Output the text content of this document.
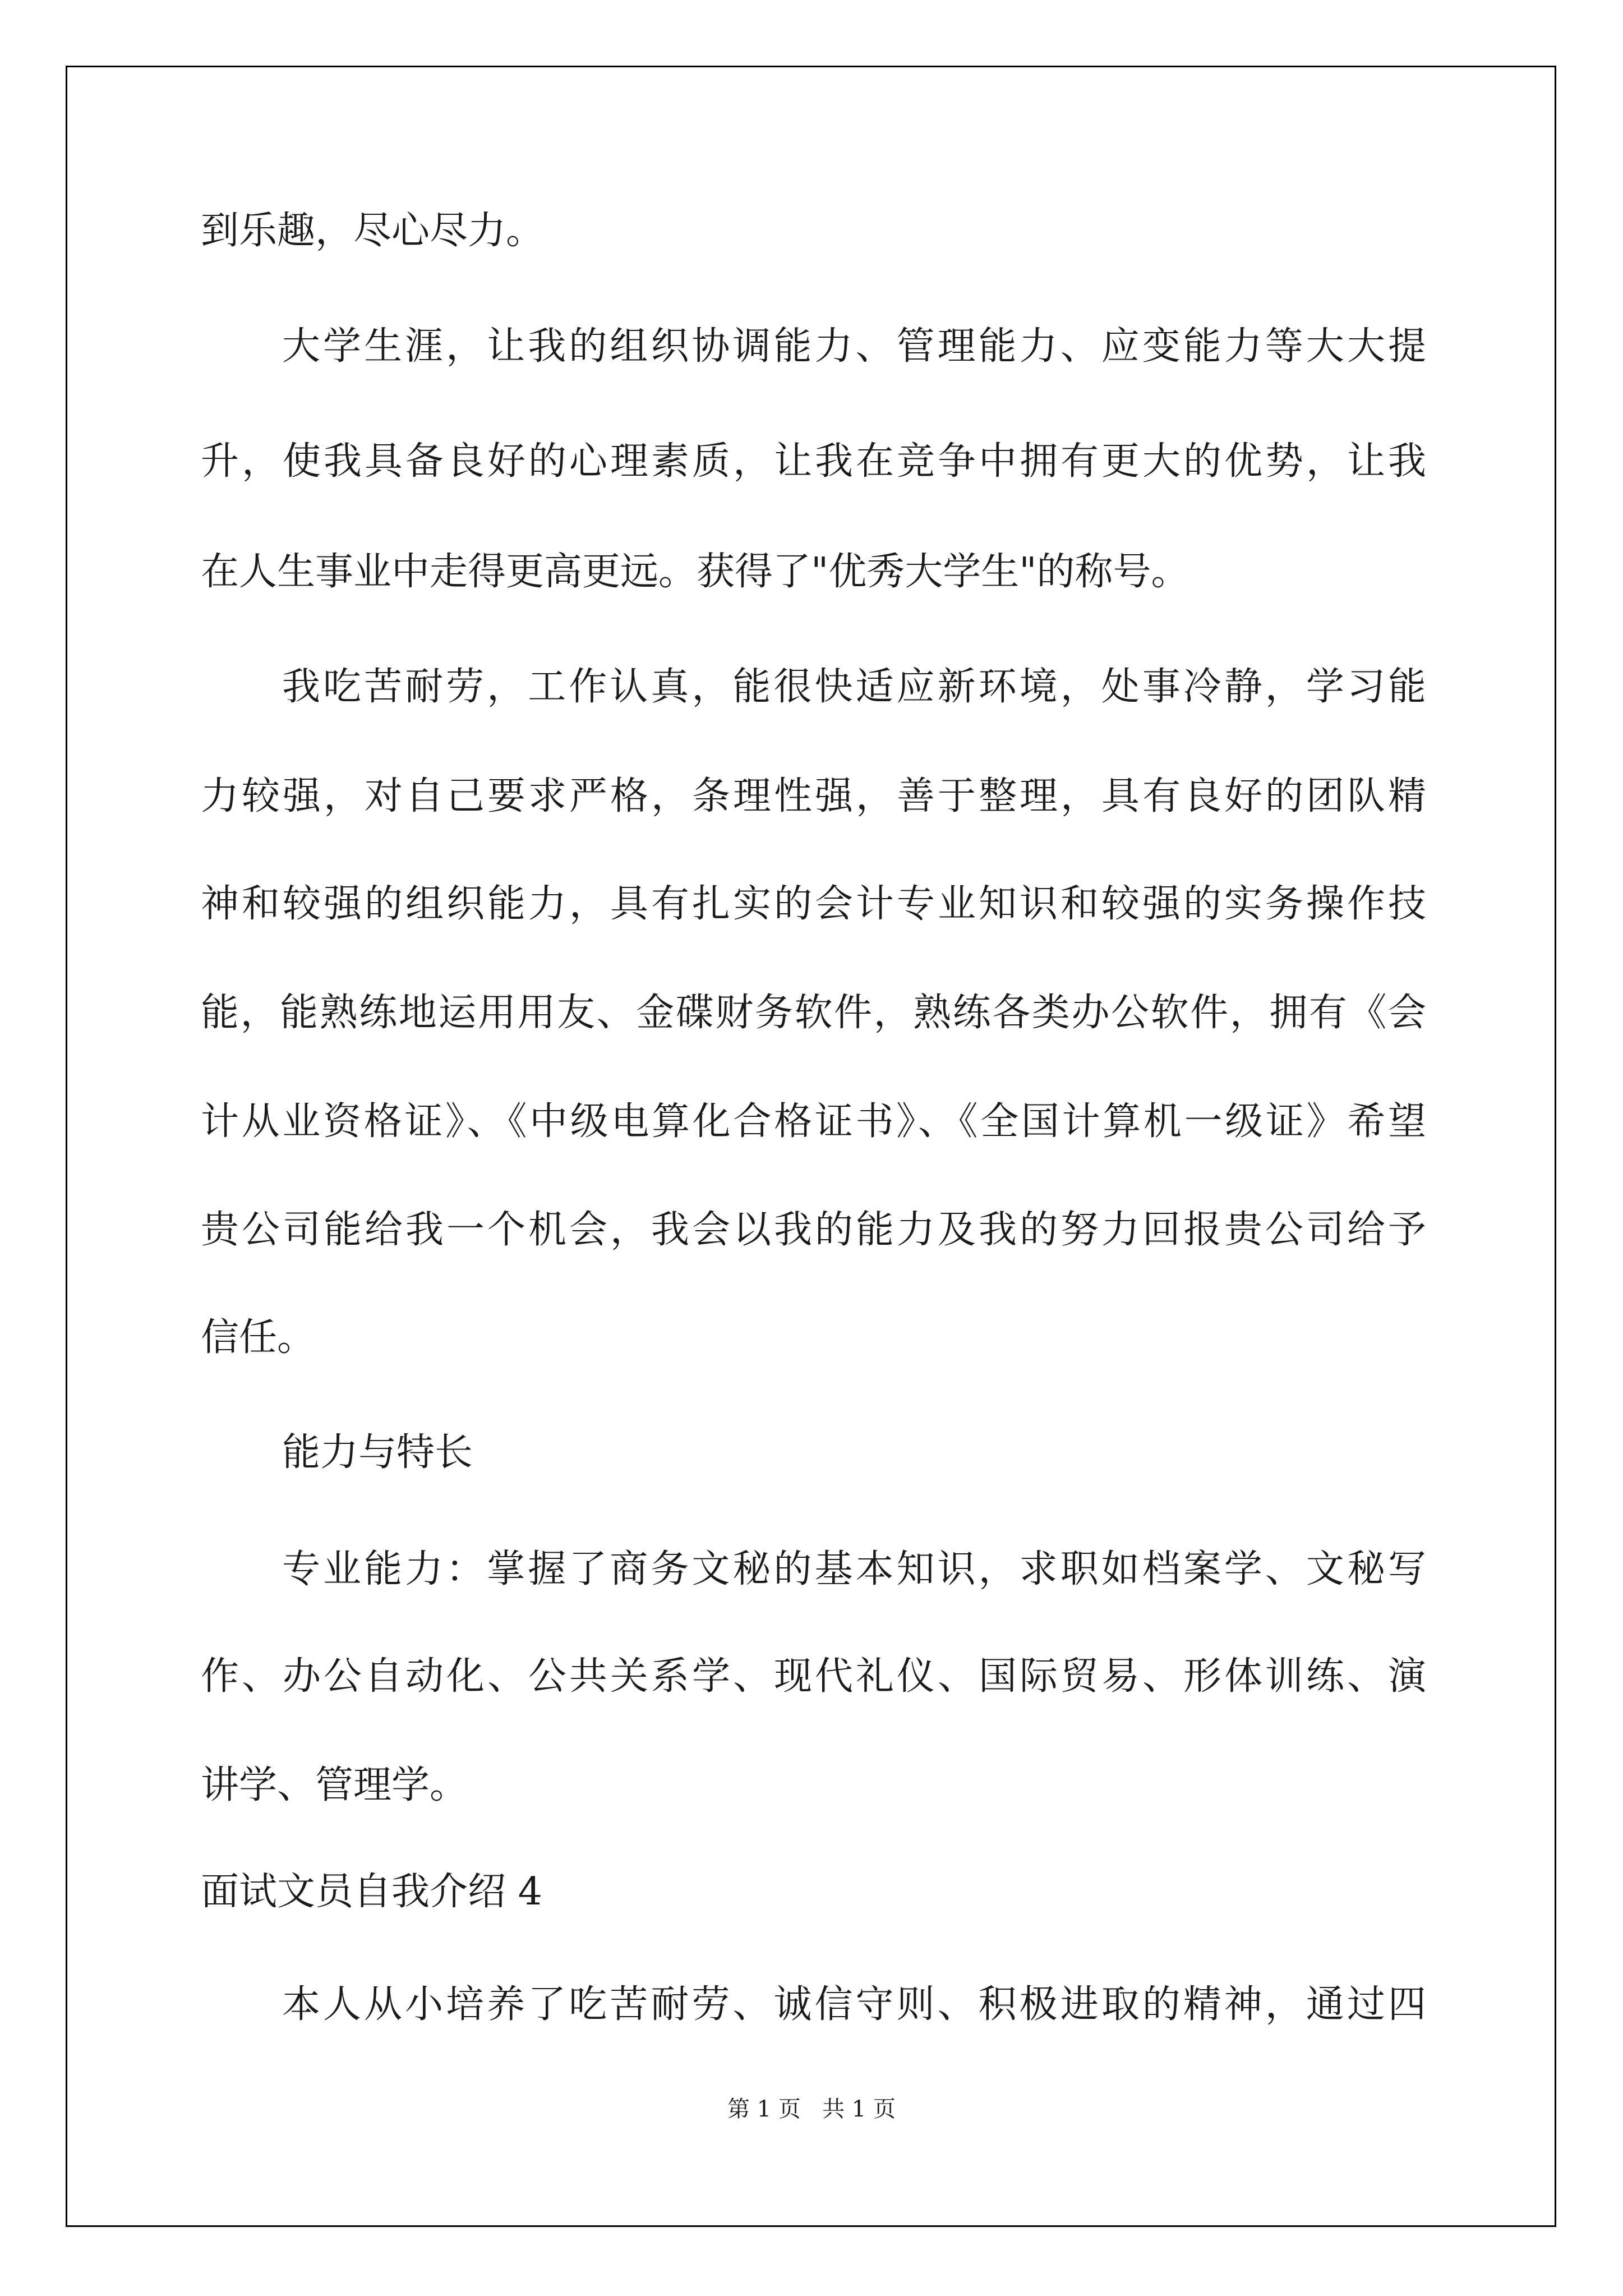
到乐趣，尽心尽力。
大学生涯，让我的组织协调能力、管理能力、应变能力等大大提
升，使我具备良好的心理素质，让我在竞争中拥有更大的优势，让我
在人生事业中走得更高更远。获得了"优秀大学生"的称号。
我吃苦耐劳，工作认真，能很快适应新环境，处事冷静，学习能
力较强，对自己要求严格，条理性强，善于整理，具有良好的团队精
神和较强的组织能力，具有扎实的会计专业知识和较强的实务操作技
能，能熟练地运用用友、金碟财务软件，熟练各类办公软件，拥有《会
计从业资格证》、《中级电算化合格证书》、《全国计算机一级证》希望
贵公司能给我一个机会，我会以我的能力及我的努力回报贵公司给予
信任。
能力与特长
专业能力：掌握了商务文秘的基本知识，求职如档案学、文秘写
作、办公自动化、公共关系学、现代礼仪、国际贸易、形体训练、演
讲学、管理学。
面试文员自我介绍 4
本人从小培养了吃苦耐劳、诚信守则、积极进取的精神，通过四
第 1 页   共 1 页
